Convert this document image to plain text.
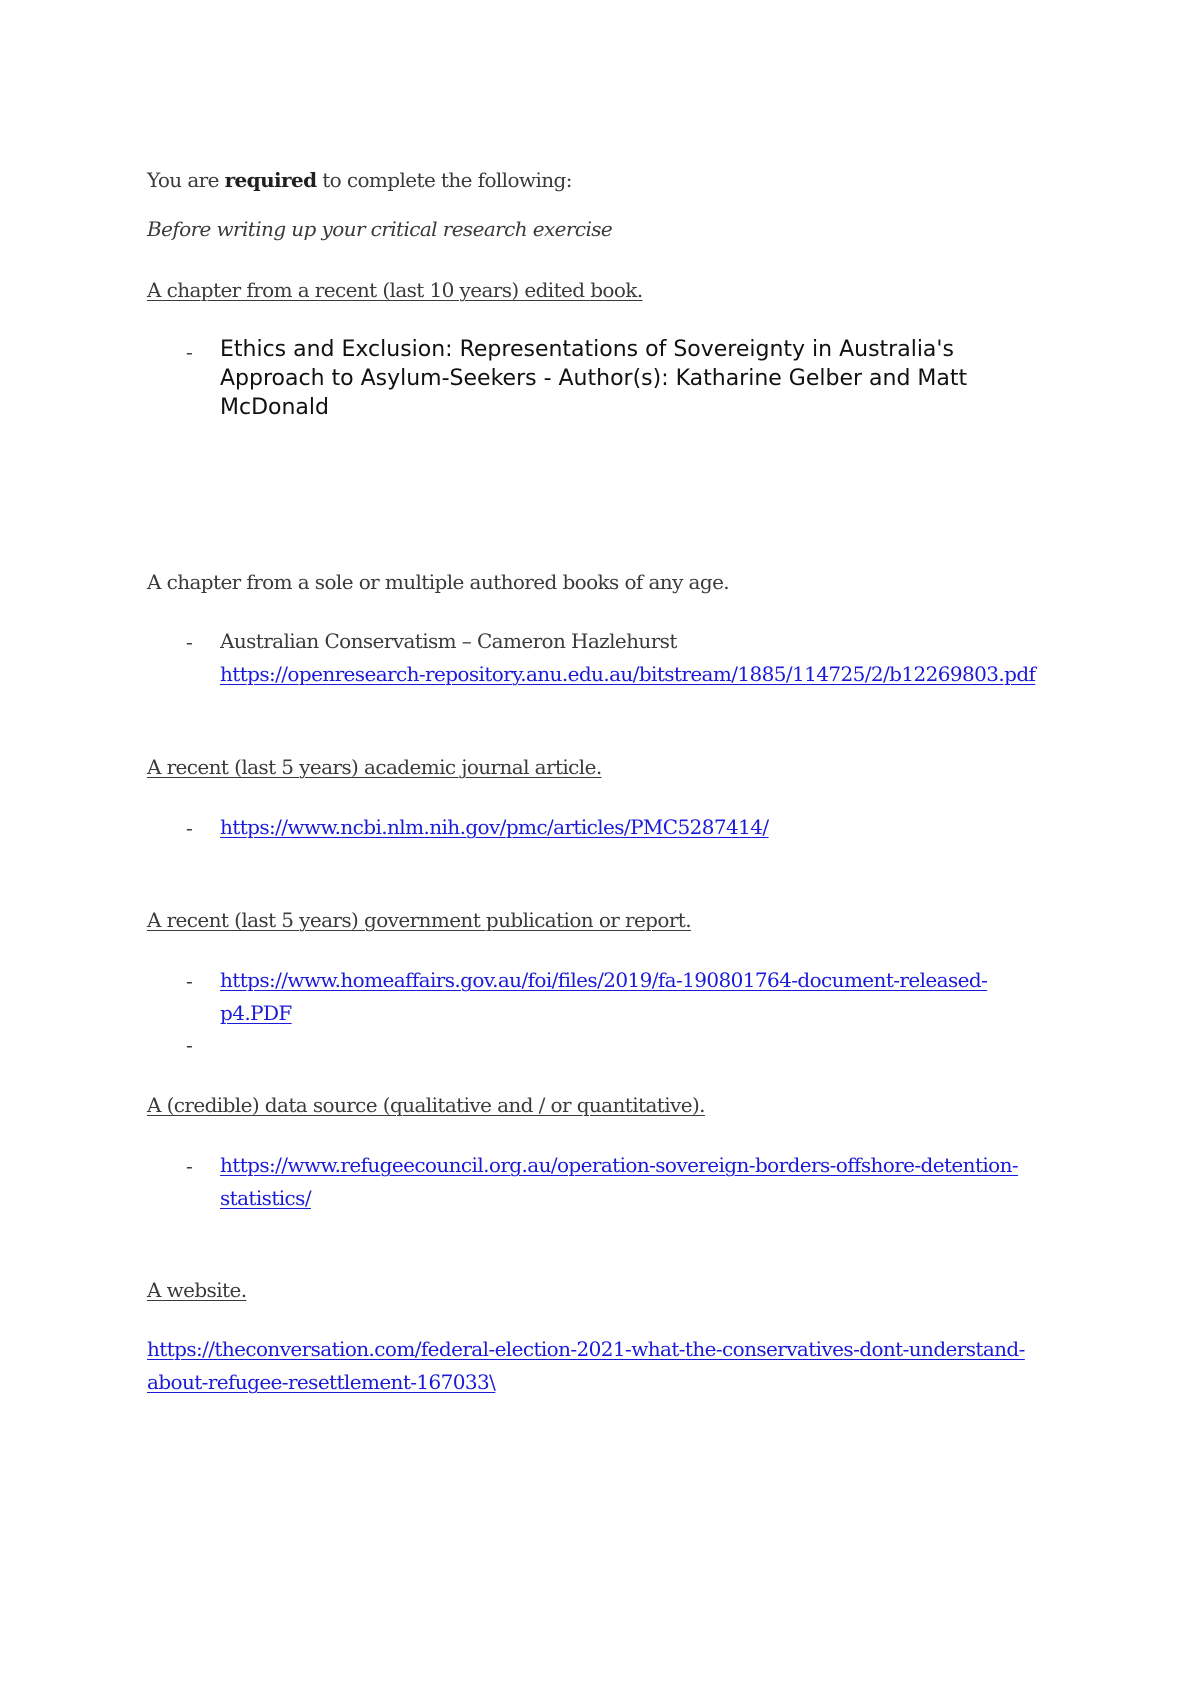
You are required to complete the following:
Before writing up your critical research exercise
A chapter from a recent (last 10 years) edited book.
- Ethics and Exclusion: Representations of Sovereignty in Australia's
Approach to Asylum-Seekers - Author(s): Katharine Gelber and Matt
McDonald
A chapter from a sole or multiple authored books of any age.
- Australian Conservatism – Cameron Hazlehurst
https://openresearch-repository.anu.edu.au/bitstream/1885/114725/2/b12269803.pdf
A recent (last 5 years) academic journal article.
- https://www.ncbi.nlm.nih.gov/pmc/articles/PMC5287414/
A recent (last 5 years) government publication or report.
- https://www.homeaffairs.gov.au/foi/files/2019/fa-190801764-document-released-
p4.PDF
-
A (credible) data source (qualitative and / or quantitative).
- https://www.refugeecouncil.org.au/operation-sovereign-borders-offshore-detention-
statistics/
A website.
https://theconversation.com/federal-election-2021-what-the-conservatives-dont-understand-
about-refugee-resettlement-167033\
